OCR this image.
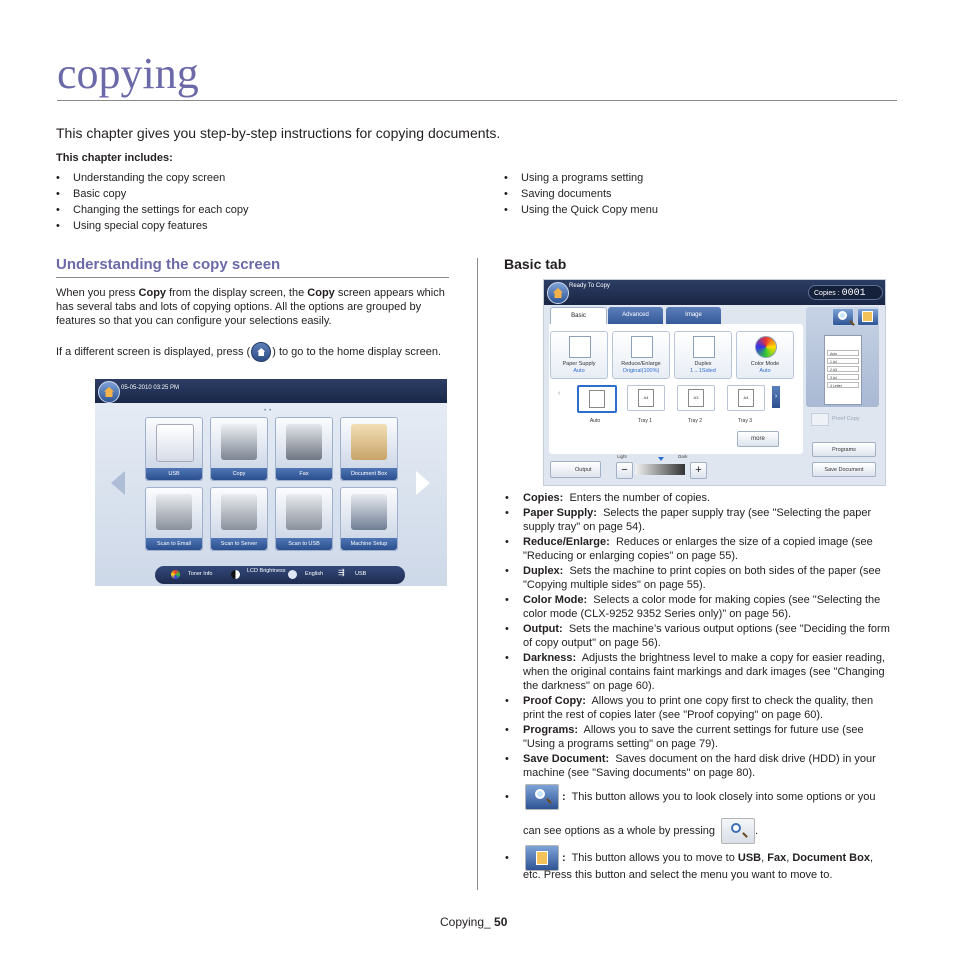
copying
This chapter gives you step-by-step instructions for copying documents.
This chapter includes:
• Understanding the copy screen
• Basic copy
• Changing the settings for each copy
• Using special copy features
• Using a programs setting
• Saving documents
• Using the Quick Copy menu
Understanding the copy screen
When you press Copy from the display screen, the Copy screen appears which has several tabs and lots of copying options. All the options are grouped by features so that you can configure your selections easily.
If a different screen is displayed, press ( ) to go to the home display screen.
05-05-2010 03:25 PM
••
USB	Copy	Fax	Document Box
Scan to Email	Scan to Server	Scan to USB	Machine Setup
Toner Info	LCD Brightness	English ⇶ USB
Basic tab
Ready To Copy
Copies : 0001
Basic	Advanced	Image
Paper Supply
Auto
Reduce/Enlarge
Original(100%)
Duplex
1→1Sided
Color Mode
Auto
A4	A3	A4
Auto	Tray 1	Tray 2	Tray 3
‹	›
more
Output
Light	Dark
−	+
Auto
1 A4
2 A3
3 A4
4 Letter
Proof Copy
Programs
Save Document
• Copies: Enters the number of copies.
• Paper Supply: Selects the paper supply tray (see "Selecting the paper supply tray" on page 54).
• Reduce/Enlarge: Reduces or enlarges the size of a copied image (see "Reducing or enlarging copies" on page 55).
• Duplex: Sets the machine to print copies on both sides of the paper (see "Copying multiple sides" on page 55).
• Color Mode: Selects a color mode for making copies (see "Selecting the color mode (CLX-9252 9352 Series only)" on page 56).
• Output: Sets the machine’s various output options (see "Deciding the form of copy output" on page 56).
• Darkness: Adjusts the brightness level to make a copy for easier reading, when the original contains faint markings and dark images (see "Changing the darkness" on page 60).
• Proof Copy: Allows you to print one copy first to check the quality, then print the rest of copies later (see "Proof copying" on page 60).
• Programs: Allows you to save the current settings for future use (see "Using a programs setting" on page 79).
• Save Document: Saves document on the hard disk drive (HDD) in your machine (see "Saving documents" on page 80).
•	: This button allows you to look closely into some options or you
can see options as a whole by pressing	.
•	: This button allows you to move to USB, Fax, Document Box,
etc. Press this button and select the menu you want to move to.
Copying_ 50
